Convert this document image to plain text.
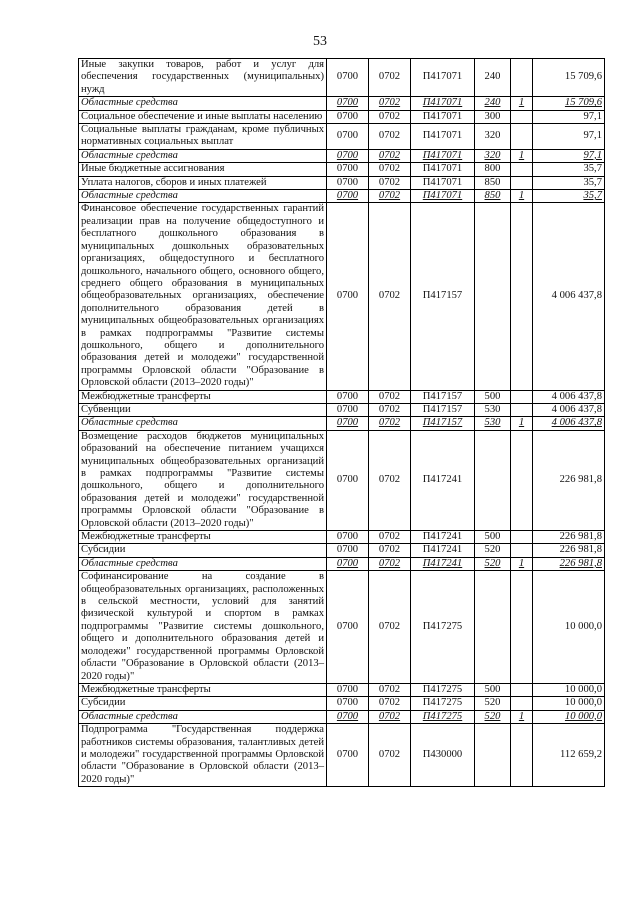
53
Иные закупки товаров, работ и услуг для обеспечения государственных (муниципальных) нужд	0700	0702	П417071	240		15 709,6
Областные средства	0700	0702	П417071	240	1	15 709,6
Социальное обеспечение и иные выплаты населению	0700	0702	П417071	300		97,1
Социальные выплаты гражданам, кроме публичных нормативных социальных выплат	0700	0702	П417071	320		97,1
Областные средства	0700	0702	П417071	320	1	97,1
Иные бюджетные ассигнования	0700	0702	П417071	800		35,7
Уплата налогов, сборов и иных платежей	0700	0702	П417071	850		35,7
Областные средства	0700	0702	П417071	850	1	35,7
Финансовое обеспечение государственных гарантий реализации прав на получение общедоступного и бесплатного дошкольного образования в муниципальных дошкольных образовательных организациях, общедоступного и бесплатного дошкольного, начального общего, основного общего, среднего общего образования в муниципальных общеобразовательных организациях, обеспечение дополнительного образования детей в муниципальных общеобразовательных организациях в рамках подпрограммы "Развитие системы дошкольного, общего и дополнительного образования детей и молодежи" государственной программы Орловской области "Образование в Орловской области (2013–2020 годы)"	0700	0702	П417157			4 006 437,8
Межбюджетные трансферты	0700	0702	П417157	500		4 006 437,8
Субвенции	0700	0702	П417157	530		4 006 437,8
Областные средства	0700	0702	П417157	530	1	4 006 437,8
Возмещение расходов бюджетов муниципальных образований на обеспечение питанием учащихся муниципальных общеобразовательных организаций в рамках подпрограммы "Развитие системы дошкольного, общего и дополнительного образования детей и молодежи" государственной программы Орловской области "Образование в Орловской области (2013–2020 годы)"	0700	0702	П417241			226 981,8
Межбюджетные трансферты	0700	0702	П417241	500		226 981,8
Субсидии	0700	0702	П417241	520		226 981,8
Областные средства	0700	0702	П417241	520	1	226 981,8
Софинансирование на создание в общеобразовательных организациях, расположенных в сельской местности, условий для занятий физической культурой и спортом в рамках подпрограммы "Развитие системы дошкольного, общего и дополнительного образования детей и молодежи" государственной программы Орловской области "Образование в Орловской области (2013–2020 годы)"	0700	0702	П417275			10 000,0
Межбюджетные трансферты	0700	0702	П417275	500		10 000,0
Субсидии	0700	0702	П417275	520		10 000,0
Областные средства	0700	0702	П417275	520	1	10 000,0
Подпрограмма "Государственная поддержка работников системы образования, талантливых детей и молодежи" государственной программы Орловской области "Образование в Орловской области (2013–2020 годы)"	0700	0702	П430000			112 659,2
